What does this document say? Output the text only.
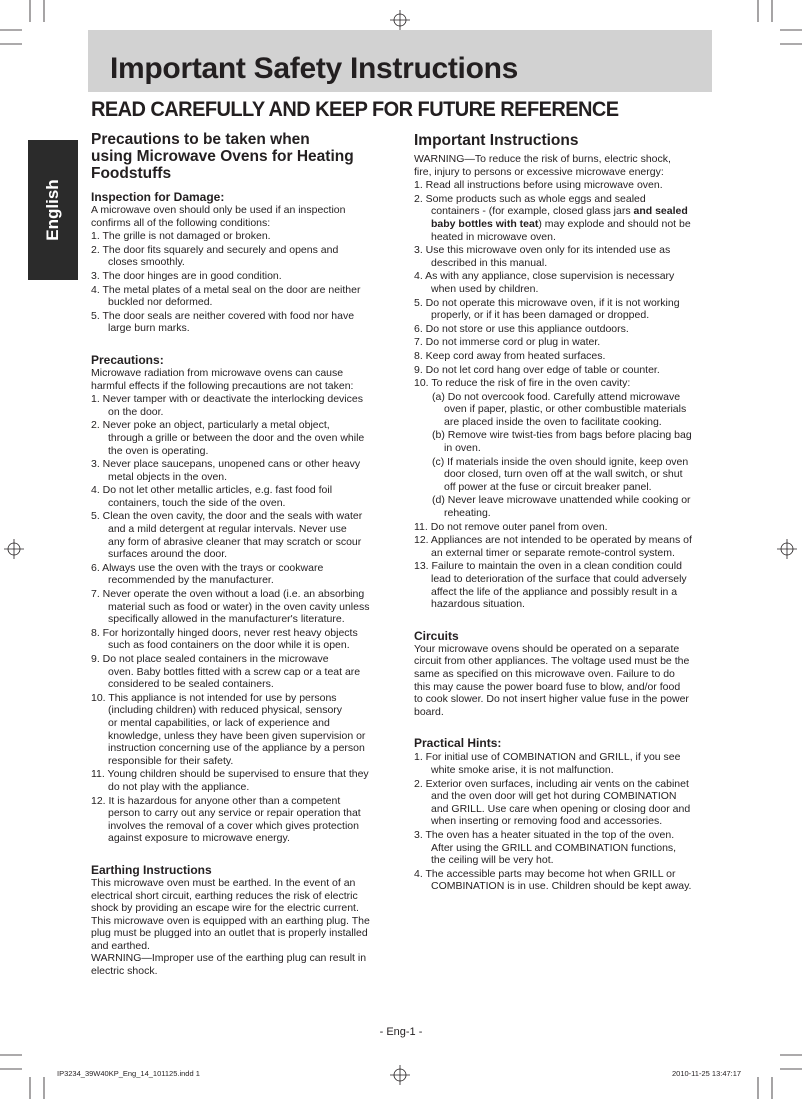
Important Safety Instructions
READ CAREFULLY AND KEEP FOR FUTURE REFERENCE
English
Precautions to be taken when
using Microwave Ovens for Heating
Foodstuffs
Inspection for Damage:
A microwave oven should only be used if an inspection
confirms all of the following conditions:
1. The grille is not damaged or broken.
2. The door fits squarely and securely and opens and
closes smoothly.
3. The door hinges are in good condition.
4. The metal plates of a metal seal on the door are neither
buckled nor deformed.
5. The door seals are neither covered with food nor have
large burn marks.
Precautions:
Microwave radiation from microwave ovens can cause
harmful effects if the following precautions are not taken:
1. Never tamper with or deactivate the interlocking devices
on the door.
2. Never poke an object, particularly a metal object,
through a grille or between the door and the oven while
the oven is operating.
3. Never place saucepans, unopened cans or other heavy
metal objects in the oven.
4. Do not let other metallic articles, e.g. fast food foil
containers, touch the side of the oven.
5. Clean the oven cavity, the door and the seals with water
and a mild detergent at regular intervals. Never use
any form of abrasive cleaner that may scratch or scour
surfaces around the door.
6. Always use the oven with the trays or cookware
recommended by the manufacturer.
7. Never operate the oven without a load (i.e. an absorbing
material such as food or water) in the oven cavity unless
specifically allowed in the manufacturer's literature.
8. For horizontally hinged doors, never rest heavy objects
such as food containers on the door while it is open.
9. Do not place sealed containers in the microwave
oven. Baby bottles fitted with a screw cap or a teat are
considered to be sealed containers.
10. This appliance is not intended for use by persons
(including children) with reduced physical, sensory
or mental capabilities, or lack of experience and
knowledge, unless they have been given supervision or
instruction concerning use of the appliance by a person
responsible for their safety.
11. Young children should be supervised to ensure that they
do not play with the appliance.
12. It is hazardous for anyone other than a competent
person to carry out any service or repair operation that
involves the removal of a cover which gives protection
against exposure to microwave energy.
Earthing Instructions
This microwave oven must be earthed. In the event of an
electrical short circuit, earthing reduces the risk of electric
shock by providing an escape wire for the electric current.
This microwave oven is equipped with an earthing plug. The
plug must be plugged into an outlet that is properly installed
and earthed.
WARNING—Improper use of the earthing plug can result in
electric shock.
Important Instructions
WARNING—To reduce the risk of burns, electric shock,
fire, injury to persons or excessive microwave energy:
1. Read all instructions before using microwave oven.
2. Some products such as whole eggs and sealed
containers - (for example, closed glass jars and sealed
baby bottles with teat) may explode and should not be
heated in microwave oven.
3. Use this microwave oven only for its intended use as
described in this manual.
4. As with any appliance, close supervision is necessary
when used by children.
5. Do not operate this microwave oven, if it is not working
properly, or if it has been damaged or dropped.
6. Do not store or use this appliance outdoors.
7. Do not immerse cord or plug in water.
8. Keep cord away from heated surfaces.
9. Do not let cord hang over edge of table or counter.
10. To reduce the risk of fire in the oven cavity:
(a) Do not overcook food. Carefully attend microwave
oven if paper, plastic, or other combustible materials
are placed inside the oven to facilitate cooking.
(b) Remove wire twist-ties from bags before placing bag
in oven.
(c) If materials inside the oven should ignite, keep oven
door closed, turn oven off at the wall switch, or shut
off power at the fuse or circuit breaker panel.
(d) Never leave microwave unattended while cooking or
reheating.
11. Do not remove outer panel from oven.
12. Appliances are not intended to be operated by means of
an external timer or separate remote-control system.
13. Failure to maintain the oven in a clean condition could
lead to deterioration of the surface that could adversely
affect the life of the appliance and possibly result in a
hazardous situation.
Circuits
Your microwave ovens should be operated on a separate
circuit from other appliances. The voltage used must be the
same as specified on this microwave oven. Failure to do
this may cause the power board fuse to blow, and/or food
to cook slower. Do not insert higher value fuse in the power
board.
Practical Hints:
1. For initial use of COMBINATION and GRILL, if you see
white smoke arise, it is not malfunction.
2. Exterior oven surfaces, including air vents on the cabinet
and the oven door will get hot during COMBINATION
and GRILL. Use care when opening or closing door and
when inserting or removing food and accessories.
3. The oven has a heater situated in the top of the oven.
After using the GRILL and COMBINATION functions,
the ceiling will be very hot.
4. The accessible parts may become hot when GRILL or
COMBINATION is in use. Children should be kept away.
- Eng-1 -
IP3234_39W40KP_Eng_14_101125.indd 1	2010-11-25 13:47:17
